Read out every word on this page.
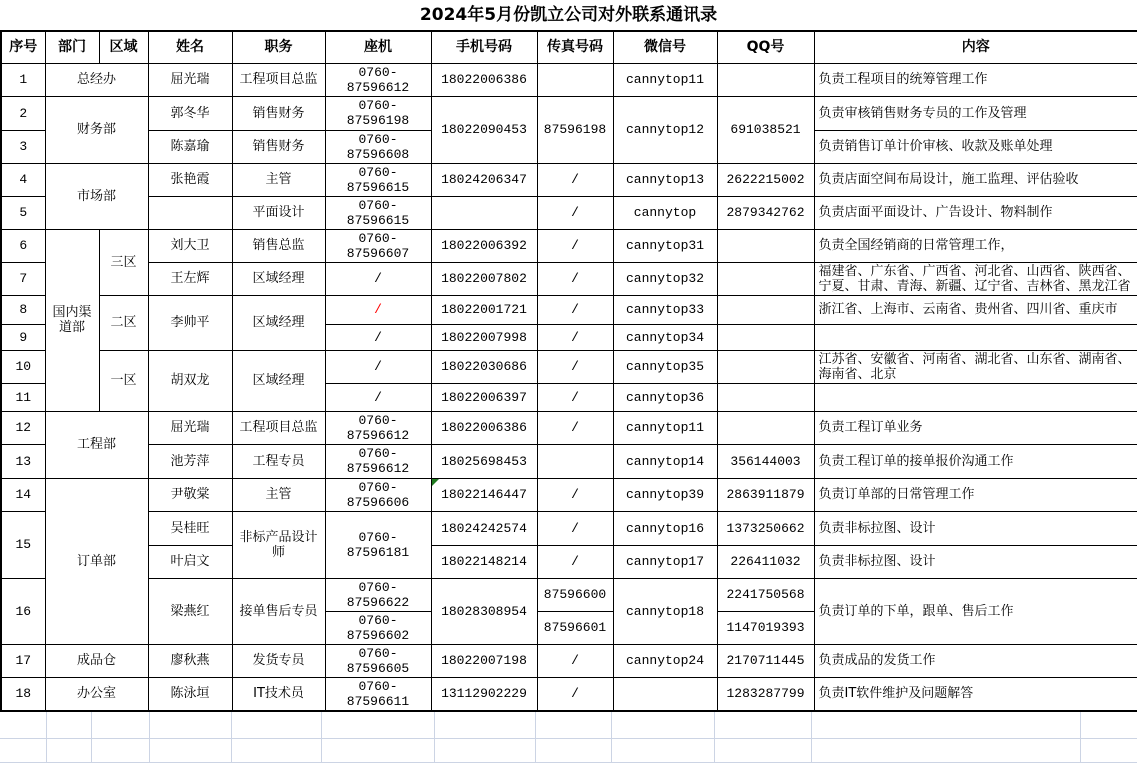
2024年5月份凯立公司对外联系通讯录
序号	部门	区域	姓名	职务	座机	手机号码	传真号码	微信号	QQ号	内容
1	总经办		屈光瑞	工程项目总监	0760-87596612	18022006386		cannytop11		负责工程项目的统筹管理工作
2	财务部		郭冬华	销售财务	0760-87596198	18022090453	87596198	cannytop12	691038521	负责审核销售财务专员的工作及管理
3			陈嘉瑜	销售财务	0760-87596608					负责销售订单计价审核、收款及账单处理
4	市场部		张艳霞	主管	0760-87596615	18024206347	/	cannytop13	2622215002	负责店面空间布局设计，施工监理、评估验收
5				平面设计	0760-87596615		/	cannytop	2879342762	负责店面平面设计、广告设计、物料制作
6	国内渠道部	三区	刘大卫	销售总监	0760-87596607	18022006392	/	cannytop31		负责全国经销商的日常管理工作，
7			王左辉	区域经理	/	18022007802	/	cannytop32		福建省、广东省、广西省、河北省、山西省、陕西省、宁夏、甘肃、青海、新疆、辽宁省、吉林省、黑龙江省
8		二区	李帅平	区域经理	/	18022001721	/	cannytop33		浙江省、上海市、云南省、贵州省、四川省、重庆市
9					/	18022007998	/	cannytop34		
10		一区	胡双龙	区域经理	/	18022030686	/	cannytop35		江苏省、安徽省、河南省、湖北省、山东省、湖南省、海南省、北京
11					/	18022006397	/	cannytop36		
12	工程部		屈光瑞	工程项目总监	0760-87596612	18022006386	/	cannytop11		负责工程订单业务
13			池芳萍	工程专员	0760-87596612	18025698453		cannytop14	356144003	负责工程订单的接单报价沟通工作
14	订单部		尹敬棠	主管	0760-87596606	18022146447	/	cannytop39	2863911879	负责订单部的日常管理工作
15			吴桂旺	非标产品设计师	0760-87596181	18024242574	/	cannytop16	1373250662	负责非标拉图、设计
			叶启文			18022148214	/	cannytop17	226411032	负责非标拉图、设计
16			梁燕红	接单售后专员	0760-87596622	18028308954	87596600	cannytop18	2241750568	负责订单的下单，跟单、售后工作
					0760-87596602		87596601		1147019393	
17	成品仓		廖秋燕	发货专员	0760-87596605	18022007198	/	cannytop24	2170711445	负责成品的发货工作
18	办公室		陈泳垣	IT技术员	0760-87596611	13112902229	/		1283287799	负责IT软件维护及问题解答
